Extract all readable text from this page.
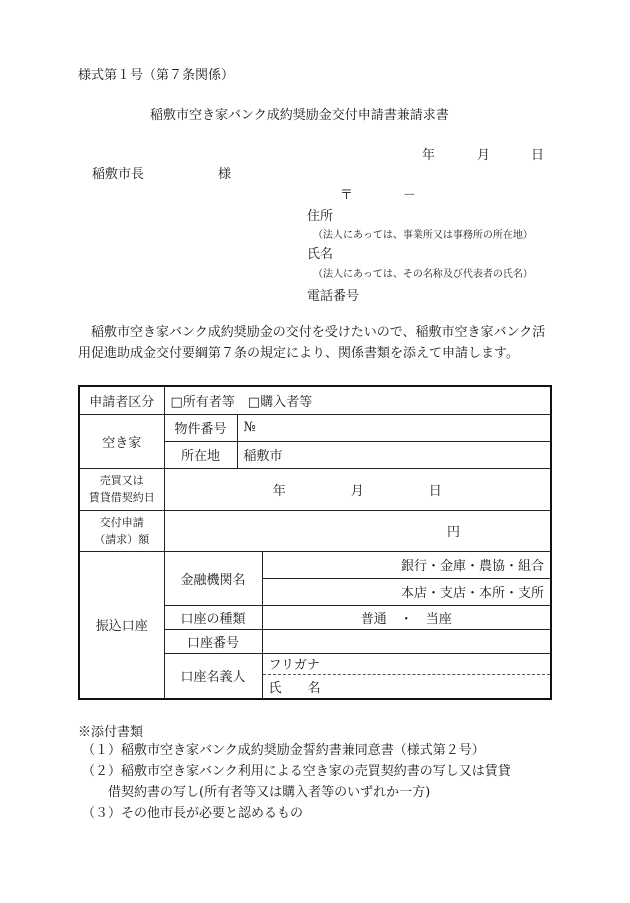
様式第１号（第７条関係）
稲敷市空き家バンク成約奨励金交付申請書兼請求書
年	月	日
稲敷市長	様
〒	－
住所
（法人にあっては、事業所又は事務所の所在地）
氏名
（法人にあっては、その名称及び代表者の氏名）
電話番号
稲敷市空き家バンク成約奨励金の交付を受けたいので、稲敷市空き家バンク活用促進助成金交付要綱第７条の規定により、関係書類を添えて申請します。
申請者区分	□所有者等　□購入者等		
空き家	物件番号	№	
	所在地	稲敷市	

売買又は
賃貸借契約日	年　　　　　月　　　　　日		

交付申請
（請求）額	円		
振込口座	金融機関名		銀行・金庫・農協・組合
			本店・支店・本所・支所
	口座の種類		普通　・　当座
	口座番号		
	口座名義人		フリガナ
			氏　　名
※添付書類
（１）稲敷市空き家バンク成約奨励金誓約書兼同意書（様式第２号）
（２）稲敷市空き家バンク利用による空き家の売買契約書の写し又は賃貸
借契約書の写し(所有者等又は購入者等のいずれか一方)
（３）その他市長が必要と認めるもの
